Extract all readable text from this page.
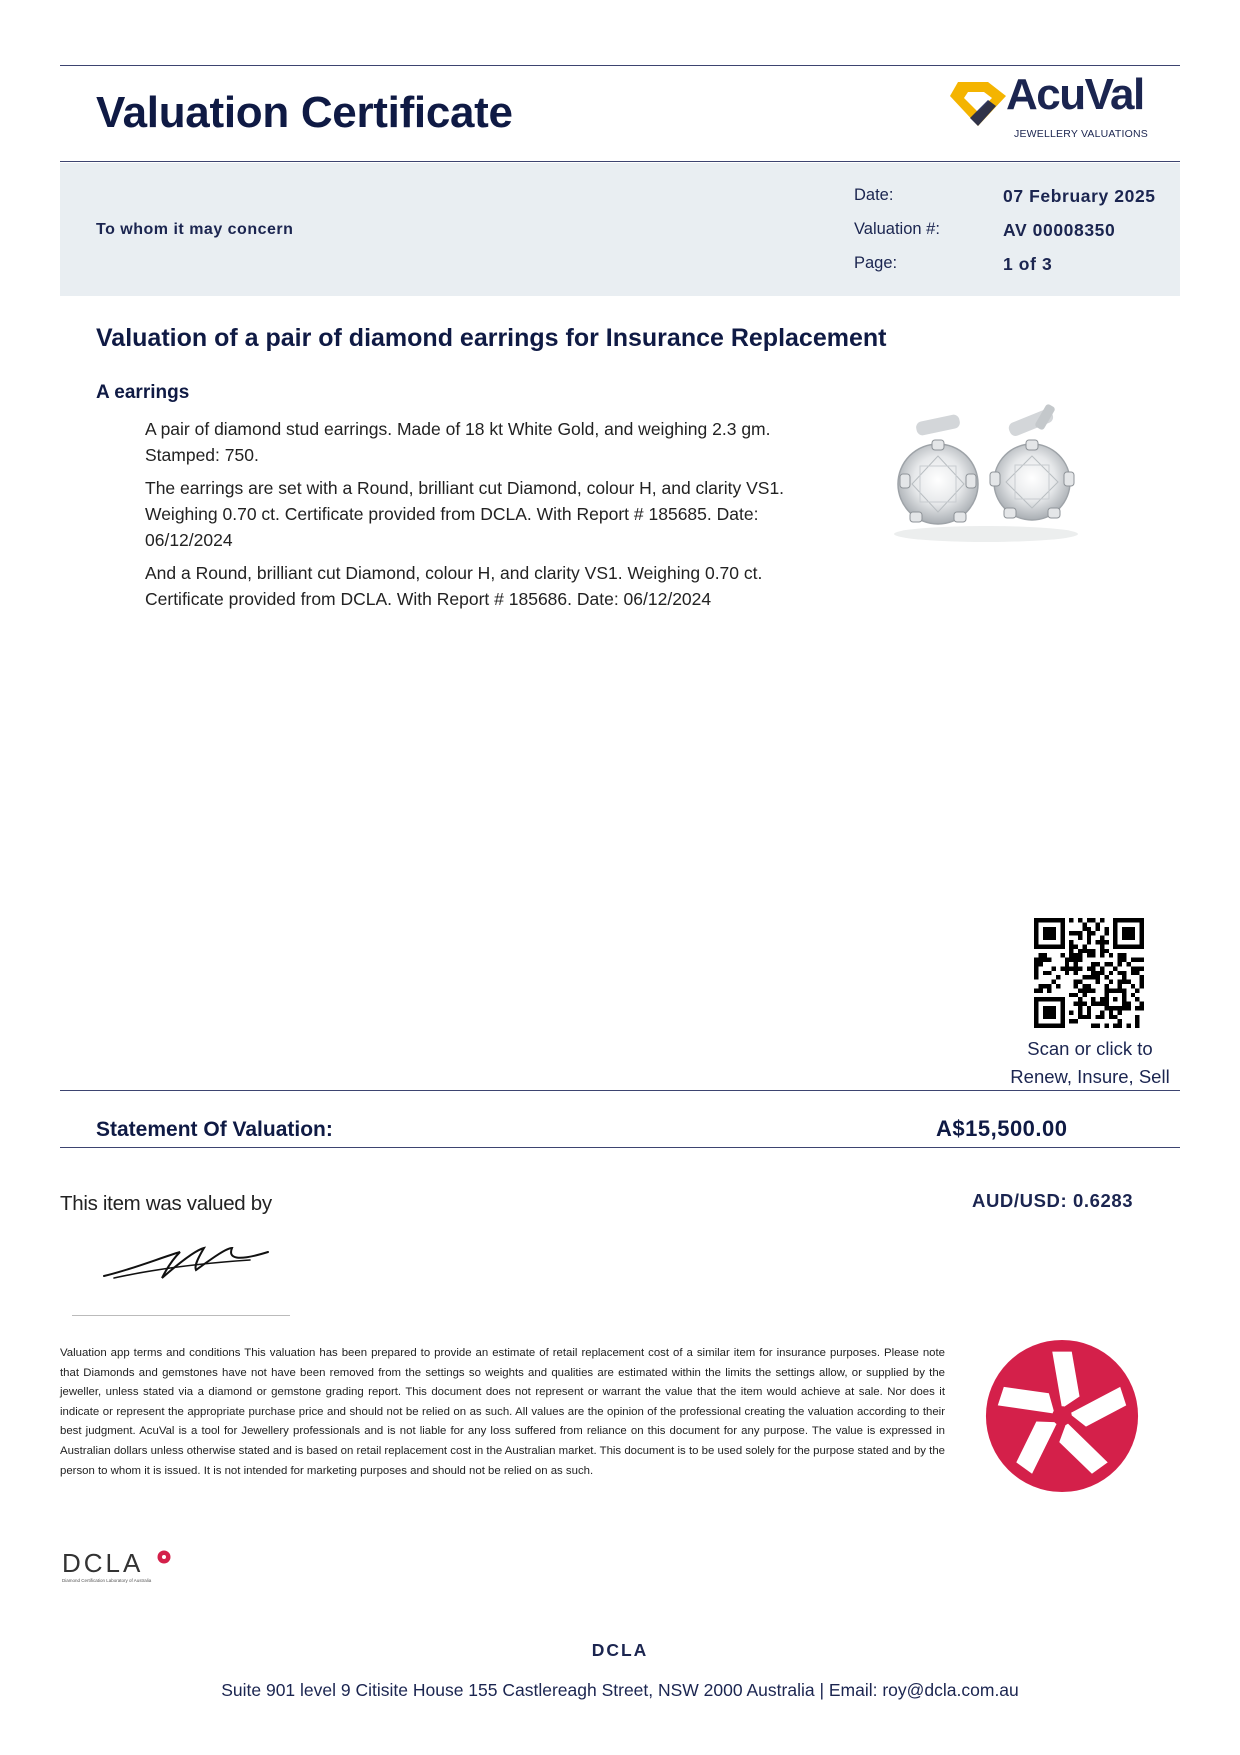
Valuation Certificate	AcuVal
JEWELLERY VALUATIONS
To whom it may concern
Date:	07 February 2025
Valuation #:	AV 00008350
Page:	1 of 3
Valuation of a pair of diamond earrings for Insurance Replacement
A earrings
A pair of diamond stud earrings. Made of 18 kt White Gold, and weighing 2.3 gm. Stamped: 750.
The earrings are set with a Round, brilliant cut Diamond, colour H, and clarity VS1. Weighing 0.70 ct. Certificate provided from DCLA. With Report # 185685. Date: 06/12/2024
And a Round, brilliant cut Diamond, colour H, and clarity VS1. Weighing 0.70 ct. Certificate provided from DCLA. With Report # 185686. Date: 06/12/2024
Scan or click to
Renew, Insure, Sell
Statement Of Valuation:	A$15,500.00
This item was valued by	AUD/USD: 0.6283
Valuation app terms and conditions This valuation has been prepared to provide an estimate of retail replacement cost of a similar item for insurance purposes. Please note that Diamonds and gemstones have not have been removed from the settings so weights and qualities are estimated within the limits the settings allow, or supplied by the jeweller, unless stated via a diamond or gemstone grading report. This document does not represent or warrant the value that the item would achieve at sale. Nor does it indicate or represent the appropriate purchase price and should not be relied on as such. All values are the opinion of the professional creating the valuation according to their best judgment. AcuVal is a tool for Jewellery professionals and is not liable for any loss suffered from reliance on this document for any purpose. The value is expressed in Australian dollars unless otherwise stated and is based on retail replacement cost in the Australian market. This document is to be used solely for the purpose stated and by the person to whom it is issued. It is not intended for marketing purposes and should not be relied on as such.
DCLA
Diamond Certification Laboratory of Australia
DCLA
Suite 901 level 9 Citisite House 155 Castlereagh Street, NSW 2000 Australia | Email: roy@dcla.com.au
